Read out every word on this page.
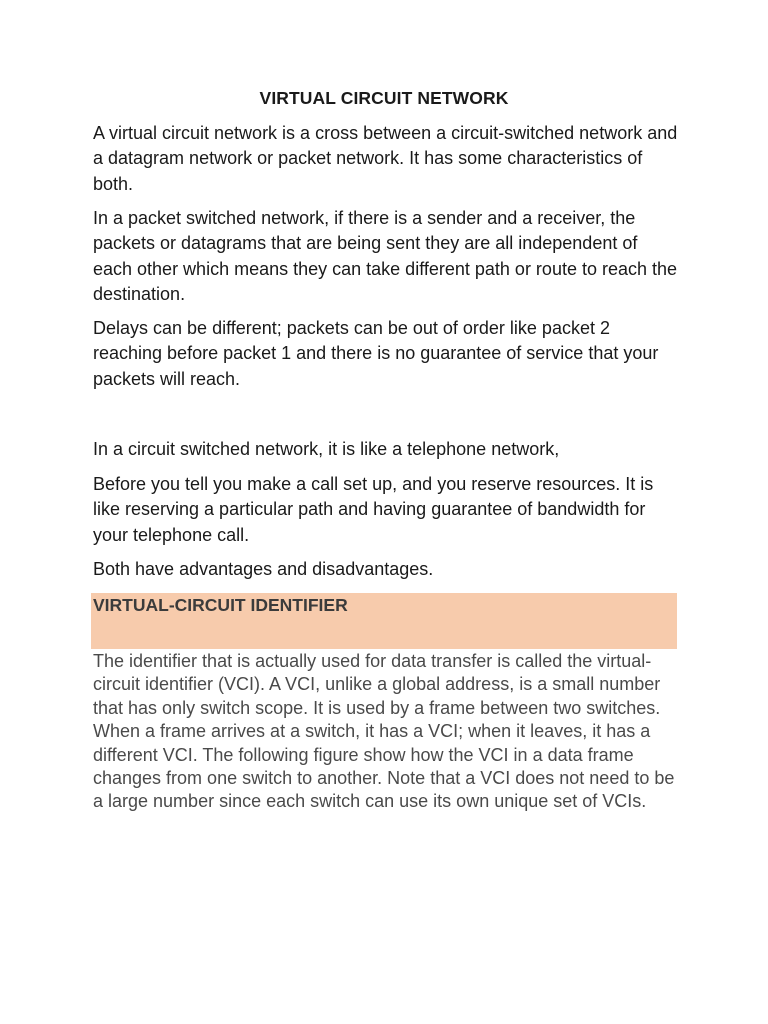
VIRTUAL CIRCUIT NETWORK

A virtual circuit network is a cross between a circuit-switched network and a datagram network or packet network. It has some characteristics of both.

In a packet switched network, if there is a sender and a receiver, the packets or datagrams that are being sent they are all independent of each other which means they can take different path or route to reach the destination.

Delays can be different; packets can be out of order like packet 2 reaching before packet 1 and there is no guarantee of service that your packets will reach.

In a circuit switched network, it is like a telephone network,

Before you tell you make a call set up, and you reserve resources. It is like reserving a particular path and having guarantee of bandwidth for your telephone call.

Both have advantages and disadvantages.

VIRTUAL-CIRCUIT IDENTIFIER

The identifier that is actually used for data transfer is called the virtual-circuit identifier (VCI). A VCI, unlike a global address, is a small number that has only switch scope. It is used by a frame between two switches. When a frame arrives at a switch, it has a VCI; when it leaves, it has a different VCI. The following figure show how the VCI in a data frame changes from one switch to another. Note that a VCI does not need to be a large number since each switch can use its own unique set of VCIs.
